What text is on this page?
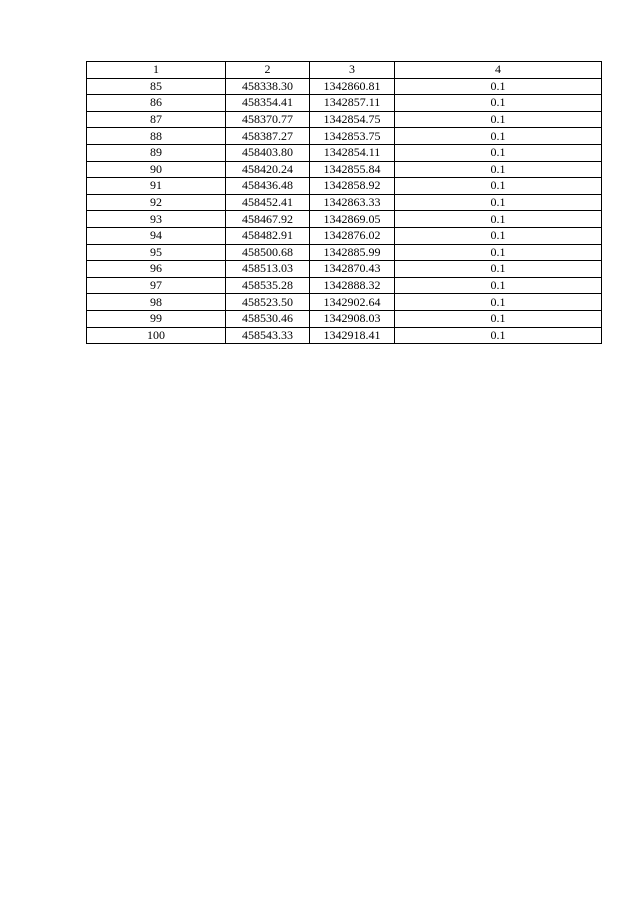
1	2	3	4
85	458338.30	1342860.81	0.1
86	458354.41	1342857.11	0.1
87	458370.77	1342854.75	0.1
88	458387.27	1342853.75	0.1
89	458403.80	1342854.11	0.1
90	458420.24	1342855.84	0.1
91	458436.48	1342858.92	0.1
92	458452.41	1342863.33	0.1
93	458467.92	1342869.05	0.1
94	458482.91	1342876.02	0.1
95	458500.68	1342885.99	0.1
96	458513.03	1342870.43	0.1
97	458535.28	1342888.32	0.1
98	458523.50	1342902.64	0.1
99	458530.46	1342908.03	0.1
100	458543.33	1342918.41	0.1
